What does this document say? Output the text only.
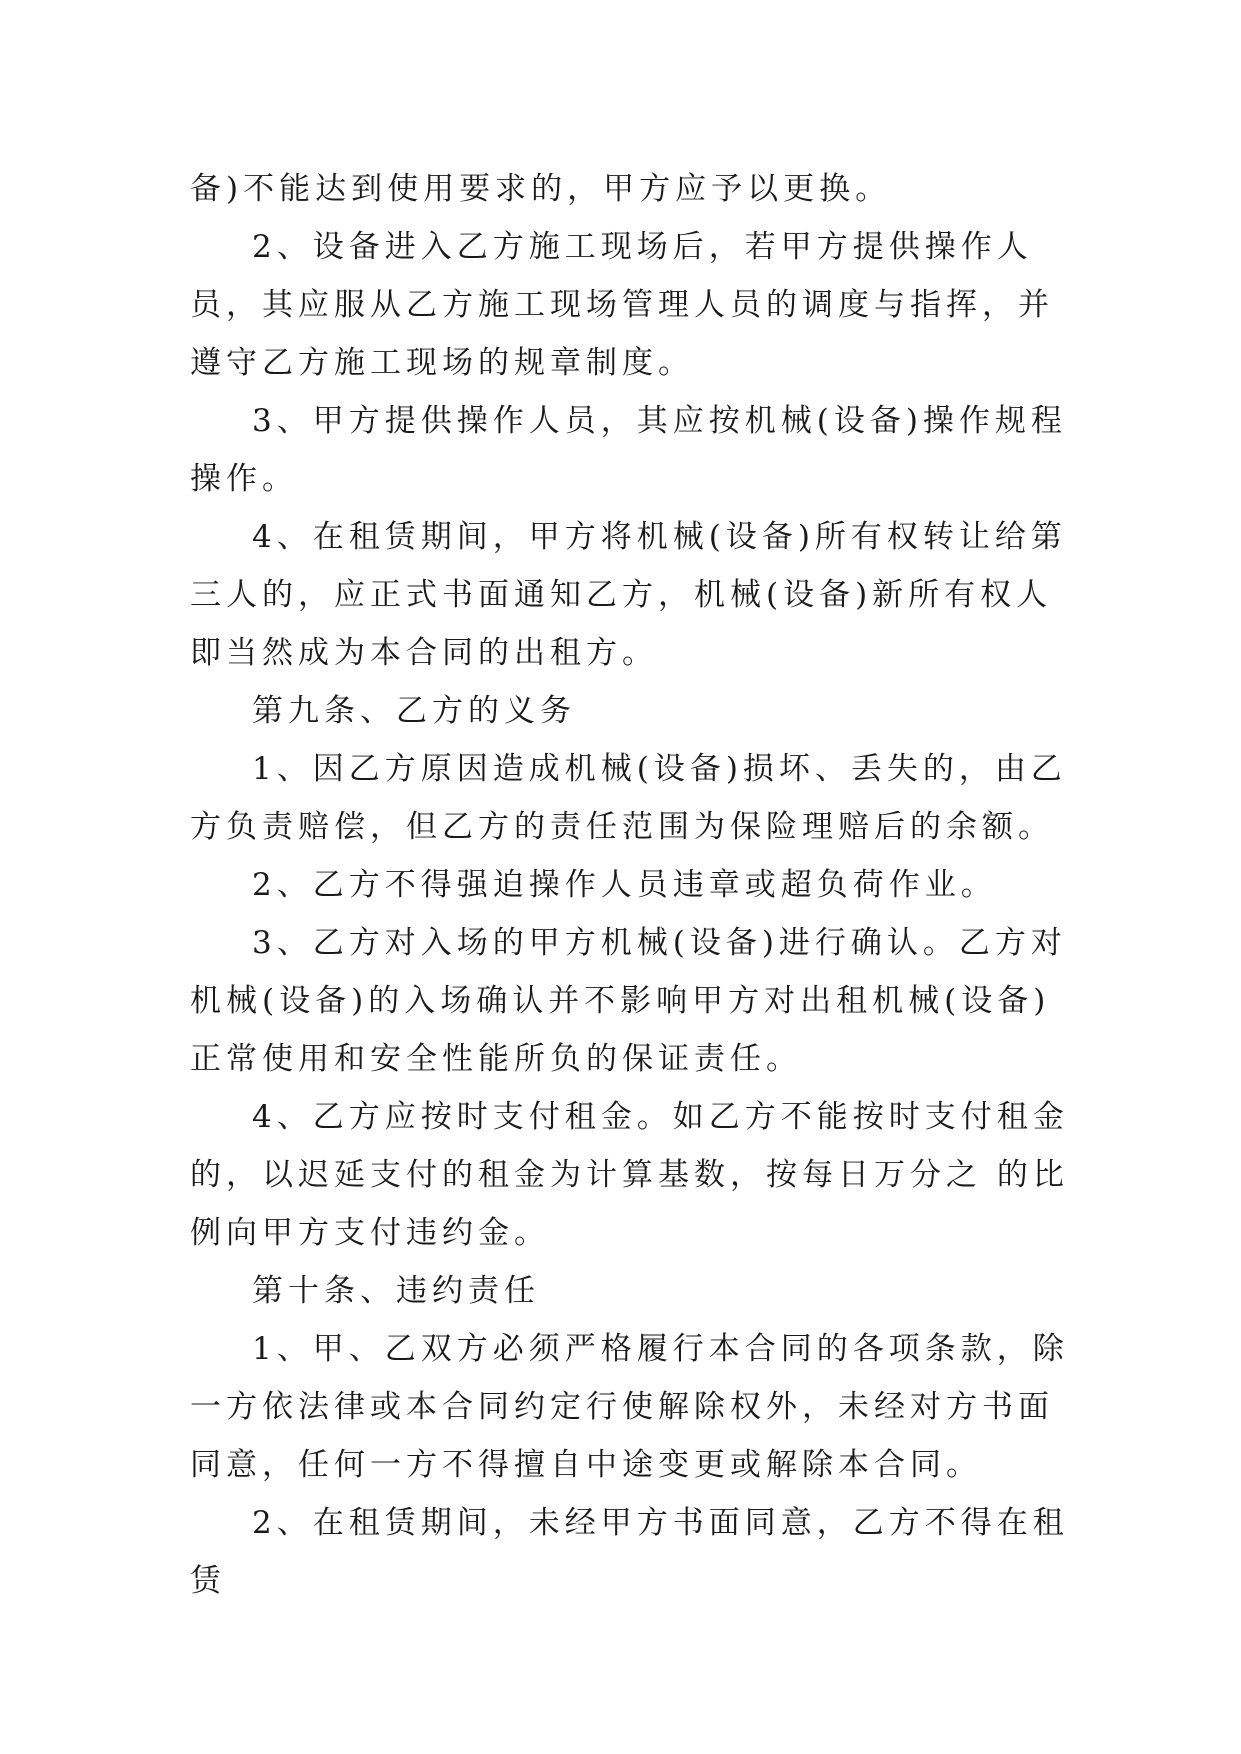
备)不能达到使用要求的，甲方应予以更换。

2、设备进入乙方施工现场后，若甲方提供操作人员，其应服从乙方施工现场管理人员的调度与指挥，并遵守乙方施工现场的规章制度。

3、甲方提供操作人员，其应按机械(设备)操作规程操作。

4、在租赁期间，甲方将机械(设备)所有权转让给第三人的，应正式书面通知乙方，机械(设备)新所有权人即当然成为本合同的出租方。

第九条、乙方的义务

1、因乙方原因造成机械(设备)损坏、丢失的，由乙方负责赔偿，但乙方的责任范围为保险理赔后的余额。

2、乙方不得强迫操作人员违章或超负荷作业。

3、乙方对入场的甲方机械(设备)进行确认。乙方对机械(设备)的入场确认并不影响甲方对出租机械(设备)正常使用和安全性能所负的保证责任。

4、乙方应按时支付租金。如乙方不能按时支付租金的，以迟延支付的租金为计算基数，按每日万分之 的比例向甲方支付违约金。

第十条、违约责任

1、甲、乙双方必须严格履行本合同的各项条款，除一方依法律或本合同约定行使解除权外，未经对方书面同意，任何一方不得擅自中途变更或解除本合同。

2、在租赁期间，未经甲方书面同意，乙方不得在租赁
